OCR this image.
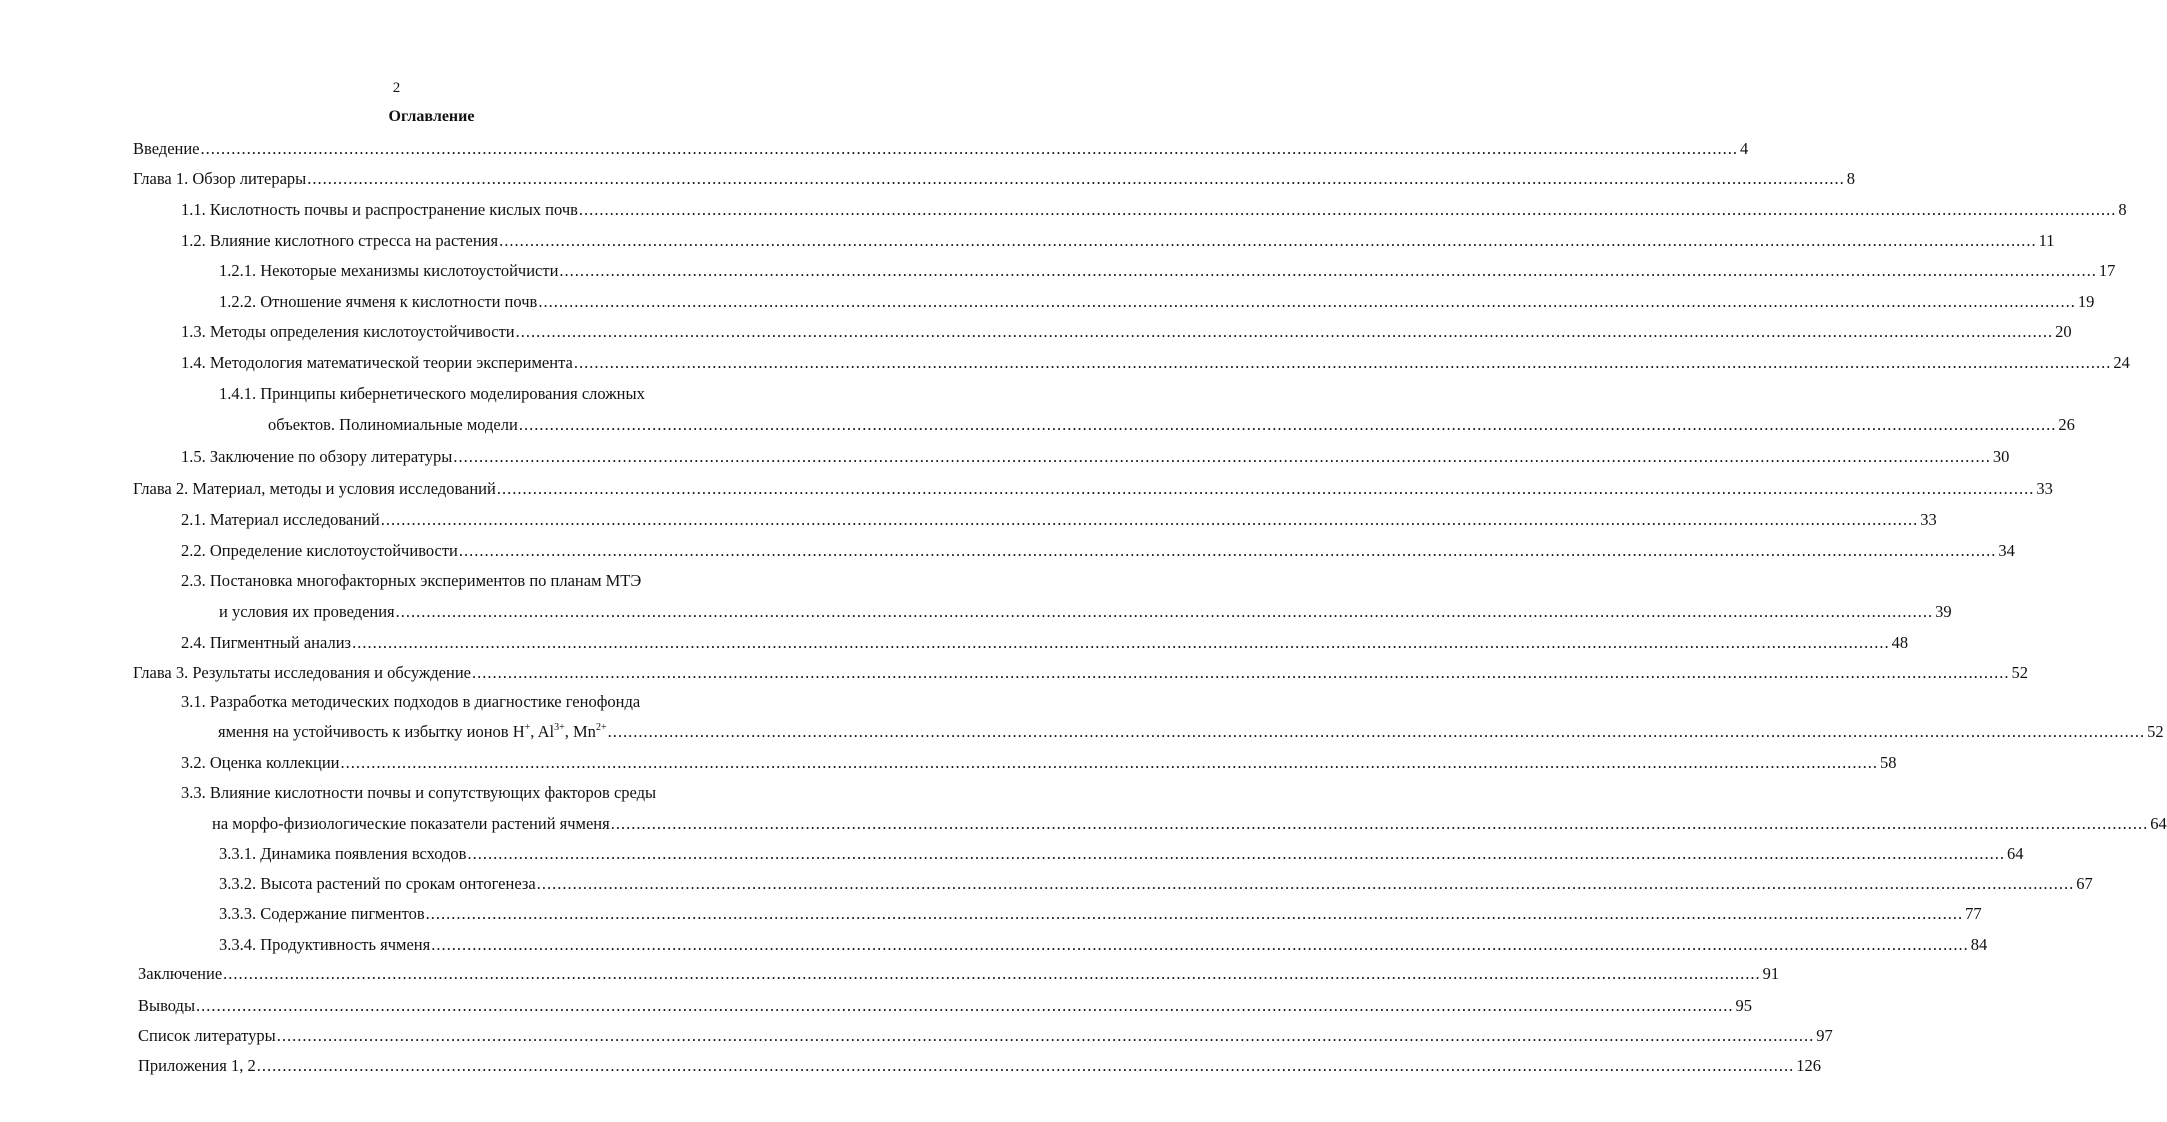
2
Оглавление
Введение ............................................................................................................................................................................................................................................................................................................ 4
Глава 1. Обзор литерары ............................................................................................................................................................................................................................................................................................................ 8
1.1. Кислотность почвы и распространение кислых почв ............................................................................................................................................................................................................................................................................................................ 8
1.2. Влияние кислотного стресса на растения ............................................................................................................................................................................................................................................................................................................ 11
1.2.1. Некоторые механизмы кислотоустойчисти ............................................................................................................................................................................................................................................................................................................ 17
1.2.2. Отношение ячменя к кислотности почв ............................................................................................................................................................................................................................................................................................................ 19
1.3. Методы определения кислотоустойчивости ............................................................................................................................................................................................................................................................................................................ 20
1.4. Методология математической теории эксперимента ............................................................................................................................................................................................................................................................................................................ 24
1.4.1. Принципы кибернетического моделирования сложных
объектов. Полиномиальные модели ............................................................................................................................................................................................................................................................................................................ 26
1.5. Заключение по обзору литературы ............................................................................................................................................................................................................................................................................................................ 30
Глава 2. Материал, методы и условия исследований ............................................................................................................................................................................................................................................................................................................ 33
2.1. Материал исследований ............................................................................................................................................................................................................................................................................................................ 33
2.2. Определение кислотоустойчивости ............................................................................................................................................................................................................................................................................................................ 34
2.3. Постановка многофакторных экспериментов по планам МТЭ
и условия их проведения ............................................................................................................................................................................................................................................................................................................ 39
2.4. Пигментный анализ ............................................................................................................................................................................................................................................................................................................ 48
Глава 3. Результаты исследования и обсуждение ............................................................................................................................................................................................................................................................................................................ 52
3.1. Разработка методических подходов в диагностике генофонда
ямення на устойчивость к избытку ионов H+, $Al^{3+}$, $Mn^{2+}$ ............................................................................................................................................................................................................................................................................................................ 52
3.2. Оценка коллекции ............................................................................................................................................................................................................................................................................................................ 58
3.3. Влияние кислотности почвы и сопутствующих факторов среды
на морфо-физиологические показатели растений ячменя ............................................................................................................................................................................................................................................................................................................ 64
3.3.1. Динамика появления всходов ............................................................................................................................................................................................................................................................................................................ 64
3.3.2. Высота растений по срокам онтогенеза ............................................................................................................................................................................................................................................................................................................ 67
3.3.3. Содержание пигментов ............................................................................................................................................................................................................................................................................................................ 77
3.3.4. Продуктивность ячменя ............................................................................................................................................................................................................................................................................................................ 84
Заключение ............................................................................................................................................................................................................................................................................................................ 91
Выводы ............................................................................................................................................................................................................................................................................................................ 95
Список литературы ............................................................................................................................................................................................................................................................................................................ 97
Приложения 1, 2 ............................................................................................................................................................................................................................................................................................................ 126
